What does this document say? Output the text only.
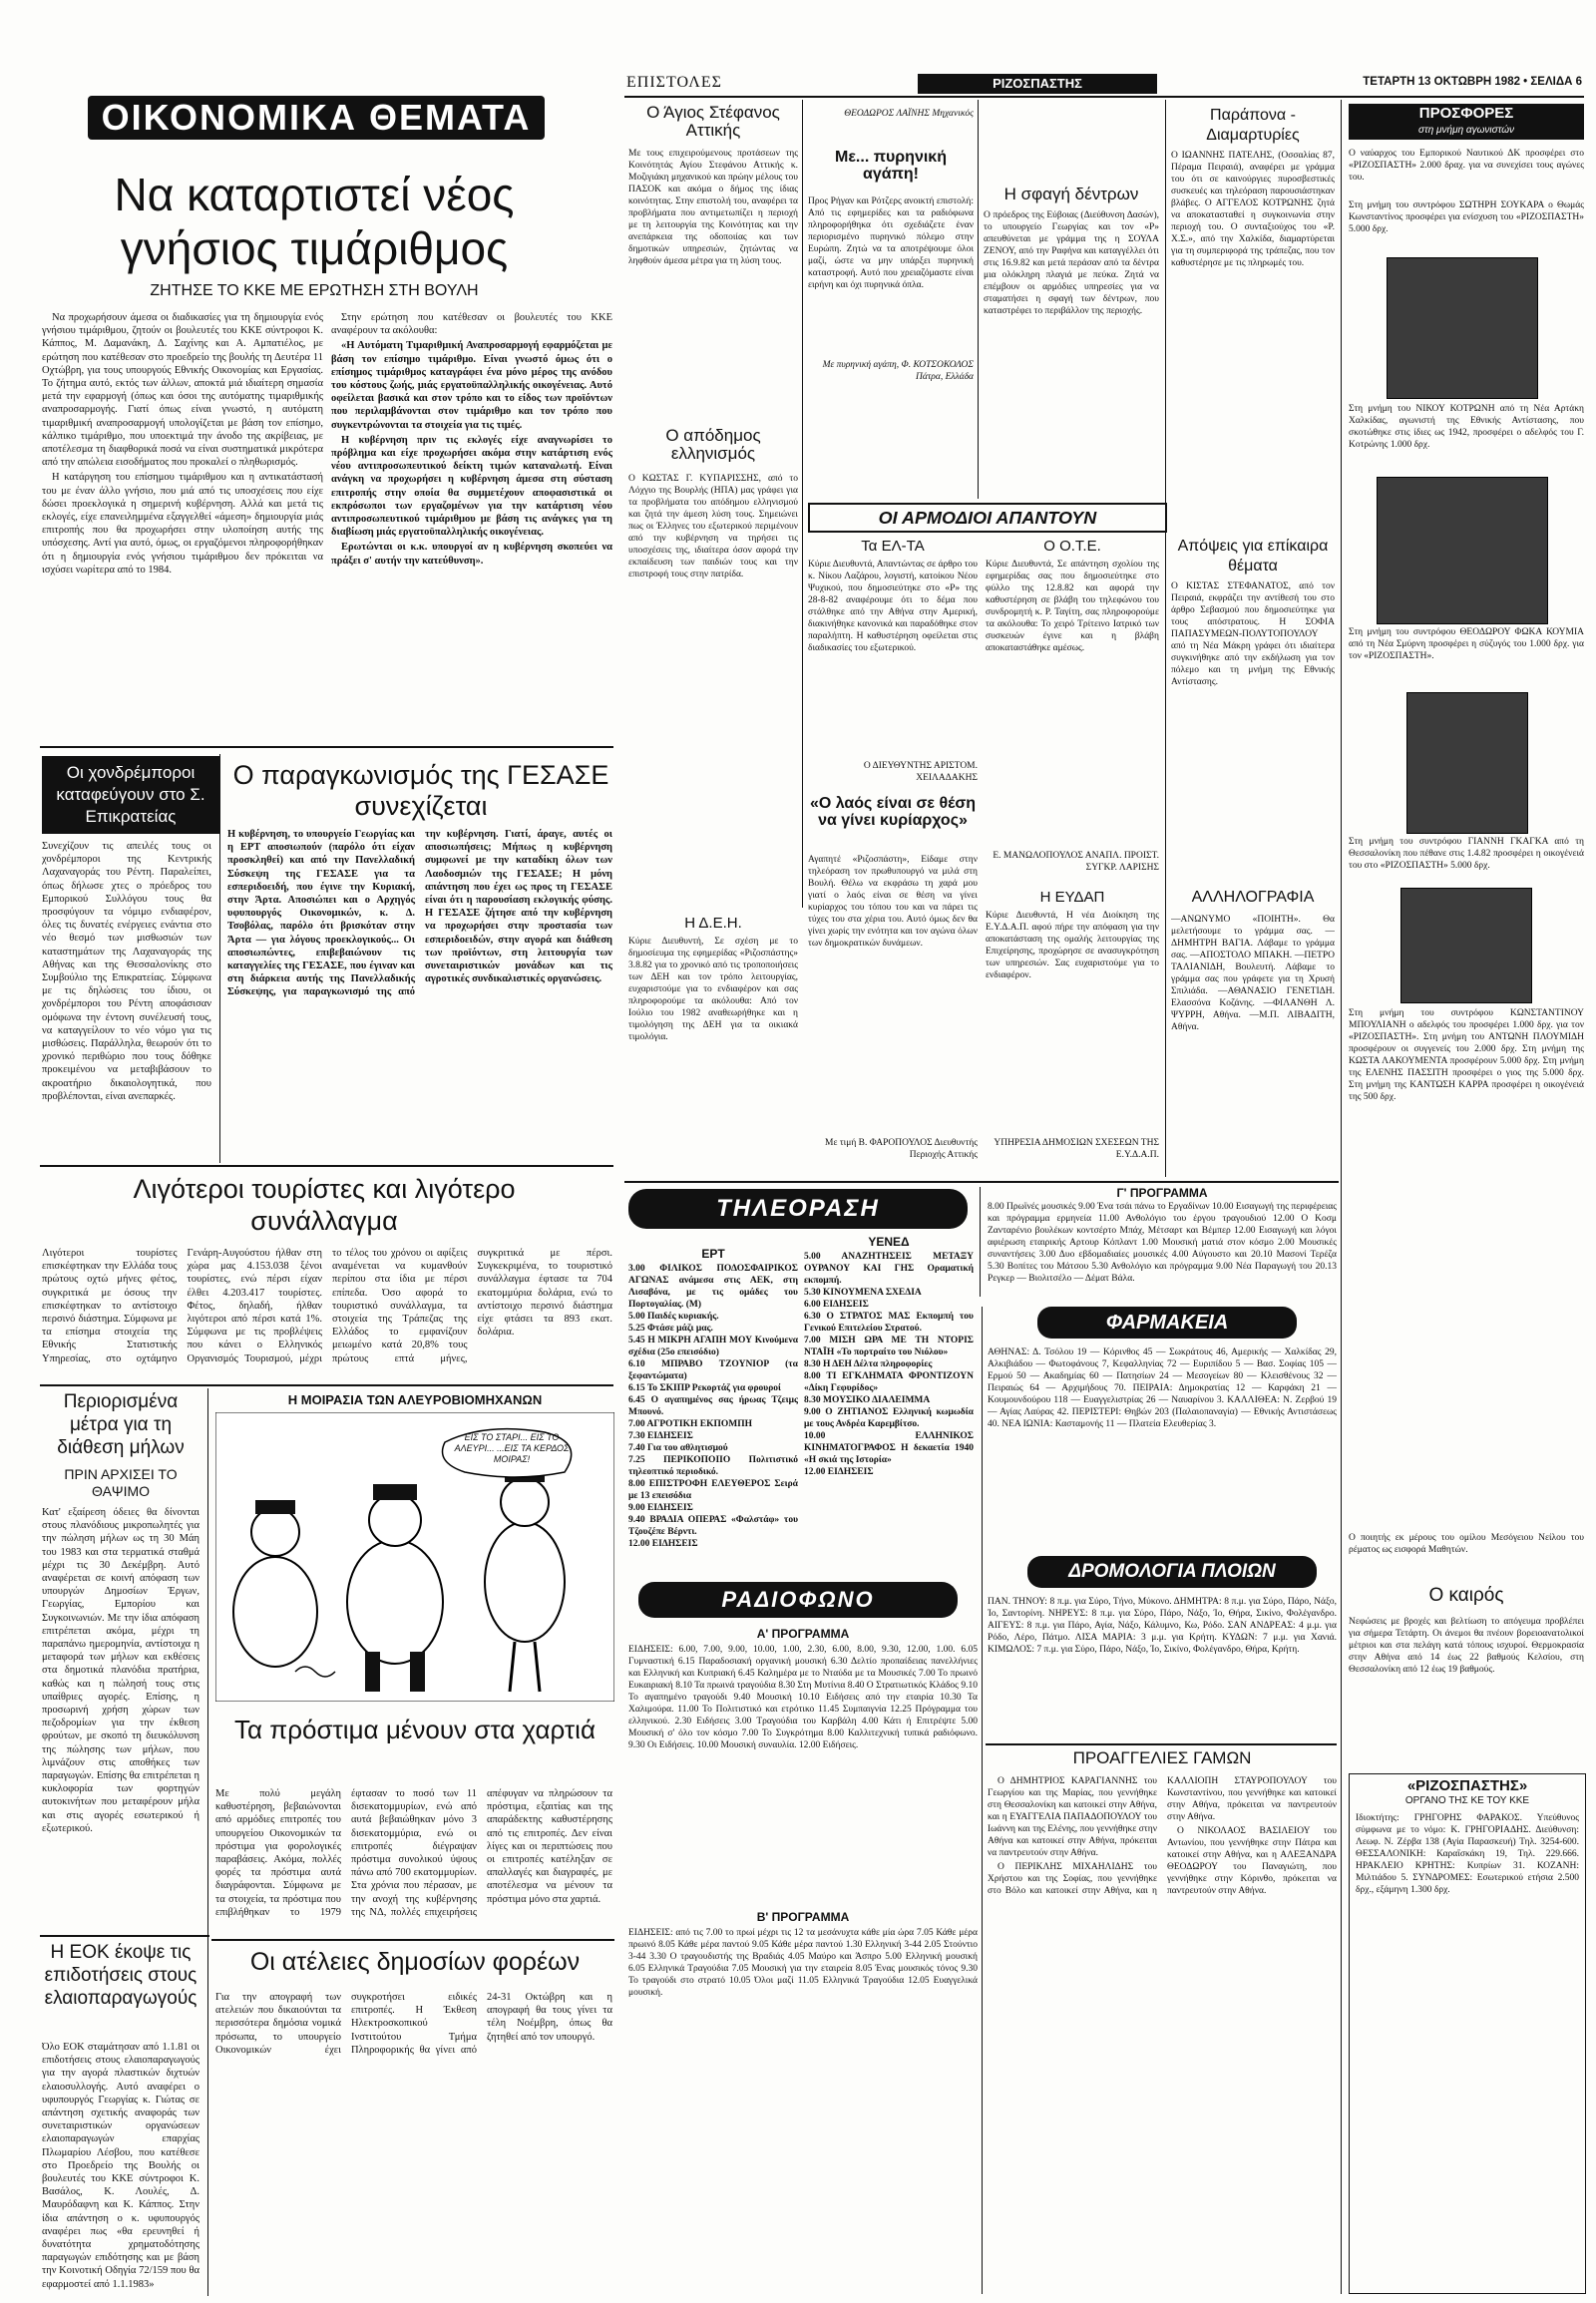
ΟΙΚΟΝΟΜΙΚΑ ΘΕΜΑΤΑ
Να καταρτιστεί νέος γνήσιος τιμάριθμος
ΖΗΤΗΣΕ ΤΟ ΚΚΕ ΜΕ ΕΡΩΤΗΣΗ ΣΤΗ ΒΟΥΛΗ

Να προχωρήσουν άμεσα οι διαδικασίες για τη δημιουργία ενός γνήσιου τιμάριθμου, ζητούν οι βουλευτές του ΚΚΕ σύντροφοι Κ. Κάππος, Μ. Δαμανάκη, Δ. Σαχίνης και Α. Αμπατιέλος, με ερώτηση που κατέθεσαν στο προεδρείο της βουλής τη Δευτέρα 11 Οχτώβρη, για τους υπουργούς Εθνικής Οικονομίας και Εργασίας. Το ζήτημα αυτό, εκτός των άλλων, αποκτά μιά ιδιαίτερη σημασία μετά την εφαρμογή (όπως και όσοι της αυτόματης τιμαριθμικής αναπροσαρμογής. Γιατί όπως είναι γνωστό, η αυτόματη τιμαριθμική αναπροσαρμογή υπολογίζεται με βάση τον επίσημο, κάλπικο τιμάριθμο, που υποεκτιμά την άνοδο της ακρίβειας, με αποτέλεσμα τη διαφθορικά ποσά να είναι συστηματικά μικρότερα από την απώλεια εισοδήματος που προκαλεί ο πληθωρισμός.

Η κατάργηση του επίσημου τιμάριθμου και η αντικατάστασή του με έναν άλλο γνήσιο, που μιά από τις υποσχέσεις που είχε δώσει προεκλογικά η σημερινή κυβέρνηση. Αλλά και μετά τις εκλογές, είχε επανειλημμένα εξαγγελθεί «άμεση» δημιουργία μιάς επιτροπής που θα προχωρήσει στην υλοποίηση αυτής της υπόσχεσης. Αντί για αυτό, όμως, οι εργαζόμενοι πληροφορήθηκαν ότι η δημιουργία ενός γνήσιου τιμάριθμου δεν πρόκειται να ισχύσει νωρίτερα από το 1984.

Στην ερώτηση που κατέθεσαν οι βουλευτές του ΚΚΕ αναφέρουν τα ακόλουθα:

«Η Αυτόματη Τιμαριθμική Αναπροσαρμογή εφαρμόζεται με βάση τον επίσημο τιμάριθμο. Είναι γνωστό όμως ότι ο επίσημος τιμάριθμος καταγράφει ένα μόνο μέρος της ανόδου του κόστους ζωής, μιάς εργατοϋπαλληλικής οικογένειας. Αυτό οφείλεται βασικά και στον τρόπο και το είδος των προϊόντων που περιλαμβάνονται στον τιμάριθμο και τον τρόπο που συγκεντρώνονται τα στοιχεία για τις τιμές.

Η κυβέρνηση πριν τις εκλογές είχε αναγνωρίσει το πρόβλημα και είχε προχωρήσει ακόμα στην κατάρτιση ενός νέου αντιπροσωπευτικού δείκτη τιμών καταναλωτή. Είναι ανάγκη να προχωρήσει η κυβέρνηση άμεσα στη σύσταση επιτροπής στην οποία θα συμμετέχουν αποφασιστικά οι εκπρόσωποι των εργαζομένων για την κατάρτιση νέου αντιπροσωπευτικού τιμάριθμου με βάση τις ανάγκες για τη διαβίωση μιάς εργατοϋπαλληλικής οικογένειας.

Ερωτώνται οι κ.κ. υπουργοί αν η κυβέρνηση σκοπεύει να πράξει σ' αυτήν την κατεύθυνση».

Οι χονδρέμποροι καταφεύγουν στο Σ. Επικρατείας
Συνεχίζουν τις απειλές τους οι χονδρέμποροι της Κεντρικής Λαχαναγοράς του Ρέντη. Παραλείπει, όπως δήλωσε χτες ο πρόεδρος του Εμπορικού Συλλόγου τους θα προσφύγουν τα νόμιμο ενδιαφέρον, όλες τις δυνατές ενέργειες ενάντια στο νέο θεσμό των μισθωσιών των καταστημάτων της Λαχαναγοράς της Αθήνας και της Θεσσαλονίκης στο Συμβούλιο της Επικρατείας. Σύμφωνα με τις δηλώσεις του ίδιου, οι χονδρέμποροι του Ρέντη αποφάσισαν ομόφωνα την έντονη συνέλευσή τους, να καταγγείλουν το νέο νόμο για τις μισθώσεις. Παράλληλα, θεωρούν ότι το χρονικό περιθώριο που τους δόθηκε προκειμένου να μεταβιβάσουν το ακροατήριο δικαιολογητικά, που προβλέπονται, είναι ανεπαρκές.
Ο παραγκωνισμός της ΓΕΣΑΣΕ συνεχίζεται
Η κυβέρνηση, το υπουργείο Γεωργίας και η ΕΡΤ αποσιωπούν (παρόλο ότι είχαν προσκληθεί) και από την Πανελλαδική Σύσκεψη της ΓΕΣΑΣΕ για τα εσπεριδοειδή, που έγινε την Κυριακή, στην Άρτα. Αποσιώπει και ο Αρχηγός υφυπουργός Οικονομικών, κ. Δ. Τσοβόλας, παρόλο ότι βρισκόταν στην Άρτα — για λόγους προεκλογικούς... Οι αποσιωπώντες, επιβεβαιώνουν τις καταγγελίες της ΓΕΣΑΣΕ, που έγιναν και στη διάρκεια αυτής της Πανελλαδικής Σύσκεψης, για παραγκωνισμό της από την κυβέρνηση. Γιατί, άραγε, αυτές οι αποσιωπήσεις; Μήπως η κυβέρνηση συμφωνεί με την καταδίκη όλων των Λαοδοσμιών της ΓΕΣΑΣΕ; Η μόνη απάντηση που έχει ως προς τη ΓΕΣΑΣΕ είναι ότι η παρουσίαση εκλογικής φύσης. Η ΓΕΣΑΣΕ ζήτησε από την κυβέρνηση να προχωρήσει στην προστασία των εσπεριδοειδών, στην αγορά και διάθεση των προϊόντων, στη λειτουργία των συνεταιριστικών μονάδων και τις αγροτικές συνδικαλιστικές οργανώσεις.
Λιγότεροι τουρίστες και λιγότερο συνάλλαγμα
Λιγότεροι τουρίστες επισκέφτηκαν την Ελλάδα τους πρώτους οχτώ μήνες φέτος, συγκριτικά με όσους την επισκέφτηκαν το αντίστοιχο περσινό διάστημα. Σύμφωνα με τα επίσημα στοιχεία της Εθνικής Στατιστικής Υπηρεσίας, στο οχτάμηνο Γενάρη-Αυγούστου ήλθαν στη χώρα μας 4.153.038 ξένοι τουρίστες, ενώ πέρσι είχαν έλθει 4.203.417 τουρίστες. Φέτος, δηλαδή, ήλθαν λιγότεροι από πέρσι κατά 1%. Σύμφωνα με τις προβλέψεις που κάνει ο Ελληνικός Οργανισμός Τουρισμού, μέχρι το τέλος του χρόνου οι αφίξεις αναμένεται να κυμανθούν περίπου στα ίδια με πέρσι επίπεδα. Όσο αφορά το τουριστικό συνάλλαγμα, τα στοιχεία της Τράπεζας της Ελλάδος το εμφανίζουν μειωμένο κατά 20,8% τους πρώτους επτά μήνες, συγκριτικά με πέρσι. Συγκεκριμένα, το τουριστικό συνάλλαγμα έφτασε τα 704 εκατομμύρια δολάρια, ενώ το αντίστοιχο περσινό διάστημα είχε φτάσει τα 893 εκατ. δολάρια.
Περιορισμένα μέτρα για τη διάθεση μήλων
ΠΡΙΝ ΑΡΧΙΣΕΙ ΤΟ ΘΑΨΙΜΟ
Κατ' εξαίρεση όδειες θα δίνονται στους πλανόδιους μικροπωλητές για την πώληση μήλων ως τη 30 Μάη του 1983 και στα τερματικά σταθμά μέχρι τις 30 Δεκέμβρη. Αυτό αναφέρεται σε κοινή απόφαση των υπουργών Δημοσίων Έργων, Γεωργίας, Εμπορίου και Συγκοινωνιών. Με την ίδια απόφαση επιτρέπεται ακόμα, μέχρι τη παραπάνω ημερομηνία, αντίστοιχα η μεταφορά των μήλων και εκθέσεις στα δημοτικά πλανόδια πρατήρια, καθώς και η πώλησή τους στις υπαίθριες αγορές. Επίσης, η προσωρινή χρήση χώρων των πεζοδρομίων για την έκθεση φρούτων, με σκοπό τη διευκόλυνση της πώλησης των μήλων, που λιμνάζουν στις αποθήκες των παραγωγών. Επίσης θα επιτρέπεται η κυκλοφορία των φορτηγών αυτοκινήτων που μεταφέρουν μήλα και στις αγορές εσωτερικού ή εξωτερικού.
Η ΜΟΙΡΑΣΙΑ ΤΩΝ ΑΛΕΥΡΟΒΙΟΜΗΧΑΝΩΝ
ΕΙΣ ΤΟ ΣΤΑΡΙ... ΕΙΣ ΤΟ ΑΛΕΥΡΙ... ...ΕΙΣ ΤΑ ΚΕΡΔΟΣ ΜΟΙΡΑΣ!
Τα πρόστιμα μένουν στα χαρτιά
Με πολύ μεγάλη καθυστέρηση, βεβαιώνονται από αρμόδιες επιτροπές του υπουργείου Οικονομικών τα πρόστιμα για φορολογικές παραβάσεις. Ακόμα, πολλές φορές τα πρόστιμα αυτά διαγράφονται. Σύμφωνα με τα στοιχεία, τα πρόστιμα που επιβλήθηκαν το 1979 έφτασαν το ποσό των 11 δισεκατομμυρίων, ενώ από αυτά βεβαιώθηκαν μόνο 3 δισεκατομμύρια, ενώ οι επιτροπές διέγραψαν πρόστιμα συνολικού ύψους πάνω από 700 εκατομμυρίων. Στα χρόνια που πέρασαν, με την ανοχή της κυβέρνησης της ΝΔ, πολλές επιχειρήσεις απέφυγαν να πληρώσουν τα πρόστιμα, εξαιτίας και της απαράδεκτης καθυστέρησης από τις επιτροπές. Δεν είναι λίγες και οι περιπτώσεις που οι επιτροπές κατέληξαν σε απαλλαγές και διαγραφές, με αποτέλεσμα να μένουν τα πρόστιμα μόνο στα χαρτιά.
Η ΕΟΚ έκοψε τις επιδοτήσεις στους ελαιοπαραγωγούς
Όλο ΕΟΚ σταμάτησαν από 1.1.81 οι επιδοτήσεις στους ελαιοπαραγωγούς για την αγορά πλαστικών διχτυών ελαιοσυλλογής. Αυτό αναφέρει ο υφυπουργός Γεωργίας κ. Γιώτας σε απάντηση σχετικής αναφοράς των συνεταιριστικών οργανώσεων ελαιοπαραγωγών επαρχίας Πλωμαρίου Λέσβου, που κατέθεσε στο Προεδρείο της Βουλής οι βουλευτές του ΚΚΕ σύντροφοι Κ. Βασάλος, Κ. Λουλές, Δ. Μαυρόδαφνη και Κ. Κάππος. Στην ίδια απάντηση ο κ. υφυπουργός αναφέρει πως «θα ερευνηθεί ή δυνατότητα χρηματοδότησης παραγωγών επιδότησης και με βάση την Κοινοτική Οδηγία 72/159 που θα εφαρμοστεί από 1.1.1983»
Οι ατέλειες δημοσίων φορέων
Για την απογραφή των ατελειών που δικαιούνται τα περισσότερα δημόσια νομικά πρόσωπα, το υπουργείο Οικονομικών έχει συγκροτήσει ειδικές επιτροπές. Η Έκθεση Ηλεκτροσκοπικού Ινστιτούτου Τμήμα Πληροφορικής θα γίνει από 24-31 Οκτώβρη και η απογραφή θα τους γίνει τα τέλη Νοέμβρη, όπως θα ζητηθεί από τον υπουργό.
ΕΠΙΣΤΟΛΕΣ	ΡΙΖΟΣΠΑΣΤΗΣ	ΤΕΤΑΡΤΗ 13 ΟΚΤΩΒΡΗ 1982 • ΣΕΛΙΔΑ 6
Ο Άγιος Στέφανος Αττικής
Με τους επιχειρούμενους προτάσεων της Κοινότητάς Αγίου Στεφάνου Αττικής κ. Μοζιγιάκη μηχανικού και πρώην μέλους του ΠΑΣΟΚ και ακόμα ο δήμος της ίδιας κοινότητας. Στην επιστολή του, αναφέρει τα προβλήματα που αντιμετωπίζει η περιοχή με τη λειτουργία της Κοινότητας και την ανεπάρκεια της οδοποιίας και των δημοτικών υπηρεσιών, ζητώντας να ληφθούν άμεσα μέτρα για τη λύση τους.
Ο απόδημος ελληνισμός
Ο ΚΩΣΤΑΣ Γ. ΚΥΠΑΡΙΣΣΗΣ, από το Λόχγιο της Βουρλής (ΗΠΑ) μας γράφει για τα προβλήματα του απόδημου ελληνισμού και ζητά την άμεση λύση τους. Σημειώνει πως οι Έλληνες του εξωτερικού περιμένουν από την κυβέρνηση να τηρήσει τις υποσχέσεις της, ιδιαίτερα όσον αφορά την εκπαίδευση των παιδιών τους και την επιστροφή τους στην πατρίδα.
ΘΕΟΔΩΡΟΣ ΛΑΪΝΗΣ Μηχανικός
Με... πυρηνική αγάπη!
Προς Ρήγαν και Ρότζερς ανοικτή επιστολή: Από τις εφημερίδες και τα ραδιόφωνα πληροφορήθηκα ότι σχεδιάζετε έναν περιορισμένο πυρηνικό πόλεμο στην Ευρώπη. Ζητώ να τα αποτρέψουμε όλοι μαζί, ώστε να μην υπάρξει πυρηνική καταστροφή. Αυτό που χρειαζόμαστε είναι ειρήνη και όχι πυρηνικά όπλα.
Με πυρηνική αγάπη, Φ. ΚΟΤΣΟΚΟΛΟΣ Πάτρα, Ελλάδα
Η σφαγή δέντρων
Ο πρόεδρος της Εύβοιας (Διεύθυνση Δασών), το υπουργείο Γεωργίας και τον «Ρ» απευθύνεται με γράμμα της η ΣΟΥΛΑ ΖΕΝΟΥ, από την Ραφήνα και καταγγέλλει ότι στις 16.9.82 και μετά περάσαν από τα δέντρα μια ολόκληρη πλαγιά με πεύκα. Ζητά να επέμβουν οι αρμόδιες υπηρεσίες για να σταματήσει η σφαγή των δέντρων, που καταστρέφει το περιβάλλον της περιοχής.
ΟΙ ΑΡΜΟΔΙΟΙ ΑΠΑΝΤΟΥΝ
Τα ΕΛ-ΤΑ
Κύριε Διευθυντά, Απαντώντας σε άρθρο του κ. Νίκου Λαζάρου, λογιστή, κατοίκου Νέου Ψυχικού, που δημοσιεύτηκε στο «Ρ» της 28-8-82 αναφέρουμε ότι το δέμα που στάλθηκε από την Αθήνα στην Αμερική, διακινήθηκε κανονικά και παραδόθηκε στον παραλήπτη. Η καθυστέρηση οφείλεται στις διαδικασίες του εξωτερικού.
Ο ΔΙΕΥΘΥΝΤΗΣ ΑΡΙΣΤΟΜ. ΧΕΙΛΑΔΑΚΗΣ
«Ο λαός είναι σε θέση να γίνει κυρίαρχος»
Αγαπητέ «Ριζοσπάστη», Είδαμε στην τηλεόραση τον πρωθυπουργό να μιλά στη Βουλή. Θέλω να εκφράσω τη χαρά μου γιατί ο λαός είναι σε θέση να γίνει κυρίαρχος του τόπου του και να πάρει τις τύχες του στα χέρια του. Αυτό όμως δεν θα γίνει χωρίς την ενότητα και τον αγώνα όλων των δημοκρατικών δυνάμεων.
Ο Ο.Τ.Ε.
Κύριε Διευθυντά, Σε απάντηση σχολίου της εφημερίδας σας που δημοσιεύτηκε στο φύλλο της 12.8.82 και αφορά την καθυστέρηση σε βλάβη του τηλεφώνου του συνδρομητή κ. Ρ. Ταγίτη, σας πληροφορούμε τα ακόλουθα: Το χειρό Τρίτεινο Ιατρικό των συσκευών έγινε και η βλάβη αποκαταστάθηκε αμέσως.
Ε. ΜΑΝΩΛΟΠΟΥΛΟΣ ΑΝΑΠΛ. ΠΡΟΙΣΤ. ΣΥΓΚΡ. ΛΑΡΙΣΗΣ
Η Δ.Ε.Η.
Κύριε Διευθυντή, Σε σχέση με το δημοσίευμα της εφημερίδας «Ριζοσπάστης» 3.8.82 για το χρονικό από τις τροποποιήσεις των ΔΕΗ και τον τρόπο λειτουργίας, ευχαριστούμε για το ενδιαφέρον και σας πληροφορούμε τα ακόλουθα: Από τον Ιούλιο του 1982 αναθεωρήθηκε και η τιμολόγηση της ΔΕΗ για τα οικιακά τιμολόγια.
Η ΕΥΔΑΠ
Κύριε Διευθυντά, Η νέα Διοίκηση της Ε.Υ.Δ.Α.Π. αφού πήρε την απόφαση για την αποκατάσταση της ομαλής λειτουργίας της Επιχείρησης, προχώρησε σε ανασυγκρότηση των υπηρεσιών. Σας ευχαριστούμε για το ενδιαφέρον.
Με τιμή Β. ΦΑΡΟΠΟΥΛΟΣ Διευθυντής Περιοχής Αττικής
ΥΠΗΡΕΣΙΑ ΔΗΜΟΣΙΩΝ ΣΧΕΣΕΩΝ ΤΗΣ Ε.Υ.Δ.Α.Π.
Παράπονα - Διαμαρτυρίες
Ο ΙΩΑΝΝΗΣ ΠΑΤΕΛΗΣ, (Οσσαλίας 87, Πέραμα Πειραιά), αναφέρει με γράμμα του ότι σε καινούργιες πυροσβεστικές συσκευές και τηλεόραση παρουσιάστηκαν βλάβες. Ο ΑΓΓΕΛΟΣ ΚΟΤΡΩΝΗΣ ζητά να αποκατασταθεί η συγκοινωνία στην περιοχή του. Ο συνταξιούχος του «Ρ. Χ.Σ.», από την Χαλκίδα, διαμαρτύρεται για τη συμπεριφορά της τράπεζας, που τον καθυστέρησε με τις πληρωμές του.
Απόψεις για επίκαιρα θέματα
Ο ΚΙΣΤΑΣ ΣΤΕΦΑΝΑΤΟΣ, από τον Πειραιά, εκφράζει την αντίθεσή του στο άρθρο Σεβασμού που δημοσιεύτηκε για τους απόστρατους. Η ΣΟΦΙΑ ΠΑΠΑΣΥΜΕΩΝ-ΠΟΛΥΤΟΠΟΥΛΟΥ από τη Νέα Μάκρη γράφει ότι ιδιαίτερα συγκινήθηκε από την εκδήλωση για τον πόλεμο και τη μνήμη της Εθνικής Αντίστασης.
ΑΛΛΗΛΟΓΡΑΦΙΑ
—ΑΝΩΝΥΜΟ «ΠΟΙΗΤΗ». Θα μελετήσουμε το γράμμα σας. —ΔΗΜΗΤΡΗ ΒΑΓΙΑ. Λάβαμε το γράμμα σας. —ΑΠΟΣΤΟΛΟ ΜΠΑΚΗ. —ΠΕΤΡΟ ΤΑΛΙΑΝΙΔΗ, Βουλευτή. Λάβαμε το γράμμα σας που γράφετε για τη Χρυσή Σπιλιάδα. —ΑΘΑΝΑΣΙΟ ΓΕΝΕΤΙΔΗ. Ελασσόνα Κοζάνης. —ΦΙΛΑΝΘΗ Λ. ΨΥΡΡΗ, Αθήνα. —Μ.Π. ΛΙΒΑΔΙΤΗ, Αθήνα.
ΠΡΟΣΦΟΡΕΣ
στη μνήμη αγωνιστών
Ο ναύαρχος του Εμπορικού Ναυτικού ΔΚ προσφέρει στο «ΡΙΖΟΣΠΑΣΤΗ» 2.000 δραχ. για να συνεχίσει τους αγώνες του.
Στη μνήμη του συντρόφου ΣΩΤΗΡΗ ΣΟΥΚΑΡΑ ο Θωμάς Κωνσταντίνος προσφέρει για ενίσχυση του «ΡΙΖΟΣΠΑΣΤΗ» 5.000 δρχ.
Στη μνήμη του ΝΙΚΟΥ ΚΟΤΡΩΝΗ από τη Νέα Αρτάκη Χαλκίδας, αγωνιστή της Εθνικής Αντίστασης, που σκοτώθηκε στις ίδιες ως 1942, προσφέρει ο αδελφός του Γ. Κοτρώνης 1.000 δρχ.
Στη μνήμη του συντρόφου ΘΕΟΔΩΡΟΥ ΦΩΚΑ ΚΟΥΜΙΑ από τη Νέα Σμύρνη προσφέρει η σύζυγός του 1.000 δρχ. για τον «ΡΙΖΟΣΠΑΣΤΗ».
Στη μνήμη του συντρόφου ΓΙΑΝΝΗ ΓΚΑΓΚΑ από τη Θεσσαλονίκη που πέθανε στις 1.4.82 προσφέρει η οικογένειά του στο «ΡΙΖΟΣΠΑΣΤΗ» 5.000 δρχ.
Στη μνήμη του συντρόφου ΚΩΝΣΤΑΝΤΙΝΟΥ ΜΠΟΥΛΙΑΝΗ ο αδελφός του προσφέρει 1.000 δρχ. για τον «ΡΙΖΟΣΠΑΣΤΗ». Στη μνήμη του ΑΝΤΩΝΗ ΠΛΟΥΜΙΔΗ προσφέρουν οι συγγενείς του 2.000 δρχ. Στη μνήμη της ΚΩΣΤΑ ΛΑΚΟΥΜΕΝΤΑ προσφέρουν 5.000 δρχ. Στη μνήμη της ΕΛΕΝΗΣ ΠΑΣΣΙΤΗ προσφέρει ο γιος της 5.000 δρχ. Στη μνήμη της ΚΑΝΤΩΣΗ ΚΑΡΡΑ προσφέρει η οικογένειά της 500 δρχ.
Ο ποιητής εκ μέρους του ομίλου Μεσόγειου Νείλου του ρέματος ως εισφορά Μαθητών.
Ο καιρός
Νεφώσεις με βροχές και βελτίωση το απόγευμα προβλέπει για σήμερα Τετάρτη. Οι άνεμοι θα πνέουν βορειοανατολικοί μέτριοι και στα πελάγη κατά τόπους ισχυροί. Θερμοκρασία στην Αθήνα από 14 έως 22 βαθμούς Κελσίου, στη Θεσσαλονίκη από 12 έως 19 βαθμούς.
«ΡΙΖΟΣΠΑΣΤΗΣ»
ΟΡΓΑΝΟ ΤΗΣ ΚΕ ΤΟΥ ΚΚΕ
Ιδιοκτήτης: ΓΡΗΓΟΡΗΣ ΦΑΡΑΚΟΣ. Υπεύθυνος σύμφωνα με το νόμο: Κ. ΓΡΗΓΟΡΙΑΔΗΣ. Διεύθυνση: Λεωφ. Ν. Ζέρβα 138 (Αγία Παρασκευή) Τηλ. 3254-600. ΘΕΣΣΑΛΟΝΙΚΗ: Καραΐσκάκη 19, Τηλ. 229.666. ΗΡΑΚΛΕΙΟ ΚΡΗΤΗΣ: Κυπρίων 31. ΚΟΖΑΝΗ: Μιλτιάδου 5. ΣΥΝΔΡΟΜΕΣ: Εσωτερικού ετήσια 2.500 δρχ., εξάμηνη 1.300 δρχ.
ΤΗΛΕΟΡΑΣΗ
ΕΡΤ
ΥΕΝΕΔ
3.00 ΦΙΛΙΚΟΣ ΠΟΔΟΣΦΑΙΡΙΚΟΣ ΑΓΩΝΑΣ ανάμεσα στις ΑΕΚ, στη Λισαβόνα, με τις ομάδες του Πορτογαλίας. (Μ)
5.00 Παιδές κυριακής.
5.25 Φτάσε μάζι μας.
5.45 Η ΜΙΚΡΗ ΑΓΑΠΗ ΜΟΥ Κινούμενα σχέδια (25ο επεισόδιο)
6.10 ΜΠΡΑΒΟ ΤΖΟΥΝΙΟΡ (τα ξεφαντώματα)
6.15 Το ΣΚΙΠΡ Ρεκορτάζ για φρουροί
6.45 Ο αγαπημένος σας ήρωας Τζειμς Μπουνό.
7.00 ΑΓΡΟΤΙΚΗ ΕΚΠΟΜΠΗ
7.30 ΕΙΔΗΣΕΙΣ
7.40 Για του αθλητισμού
7.25 ΠΕΡΙΚΟΠΟΙΙΟ Πολιτιστικό τηλεοπτικό περιοδικό.
8.00 ΕΠΙΣΤΡΟΦΗ ΕΛΕΥΘΕΡΟΣ Σειρά με 13 επεισόδια
9.00 ΕΙΔΗΣΕΙΣ
9.40 ΒΡΑΔΙΑ ΟΠΕΡΑΣ «Φαλστάφ» του Τζουζέπε Βέρντι.
12.00 ΕΙΔΗΣΕΙΣ
5.00 ΑΝΑΖΗΤΗΣΕΙΣ ΜΕΤΑΞΥ ΟΥΡΑΝΟΥ ΚΑΙ ΓΗΣ Οραματική εκπομπή.
5.30 ΚΙΝΟΥΜΕΝΑ ΣΧΕΔΙΑ
6.00 ΕΙΔΗΣΕΙΣ
6.30 Ο ΣΤΡΑΤΟΣ ΜΑΣ Εκπομπή του Γενικού Επιτελείου Στρατού.
7.00 ΜΙΣΗ ΩΡΑ ΜΕ ΤΗ ΝΤΟΡΙΣ ΝΤΑΪΗ «Το πορτραίτο του Νιόλου»
8.30 Η ΔΕΗ Δέλτα πληροφορίες
8.00 ΤΙ ΕΓΚΛΗΜΑΤΑ ΦΡΟΝΤΙΖΟΥΝ «Δίκη Γεφυρίδος»
8.30 ΜΟΥΣΙΚΟ ΔΙΑΛΕΙΜΜΑ
9.00 Ο ΖΗΤΙΑΝΟΣ Ελληνική κωμωδία με τους Ανδρέα Καρεμβίτσο.
10.00 ΕΛΛΗΝΙΚΟΣ ΚΙΝΗΜΑΤΟΓΡΑΦΟΣ Η δεκαετία 1940 «Η σκιά της Ιστορία»
12.00 ΕΙΔΗΣΕΙΣ
Γ' ΠΡΟΓΡΑΜΜΑ
8.00 Πρωϊνές μουσικές 9.00 Ένα τσάι πάνω το Εργαδίνων 10.00 Εισαγωγή της περιφέρειας και πρόγραμμα ερμηνεία 11.00 Ανθολόγιο του έργου τραγουδιού 12.00 Ο Κοσμ Ζανταρένιο βουλέκων κοντσέρτο Μπάχ, Μέτσαρτ και Βέμπερ 12.00 Εισαγωγή και λόγοι αφιέρωση εταιρικής Αρτουρ Κόπλαντ 1.00 Μουσική ματιά στον κόσμο 2.00 Μουσικές συναντήσεις 3.00 Δυο εβδομαδιαίες μουσικές 4.00 Αύγουστο και 20.10 Μασονί Τερέζα 5.30 Βοπίτες του Μάτσου 5.30 Ανθολόγιο και πρόγραμμα 9.00 Νέα Παραγωγή του 20.13 Ρεγκερ — Βιολιτσέλο — Δέματ Βάλα.
ΦΑΡΜΑΚΕΙΑ
ΑΘΗΝΑΣ: Δ. Τσόλου 19 — Κόρινθος 45 — Σωκράτους 46, Αμερικής — Χαλκίδας 29, Αλκιβιάδου — Φωτοφάνους 7, Κεφαλληνίας 72 — Ευριπίδου 5 — Βασ. Σοφίας 105 — Ερμού 50 — Ακαδημίας 60 — Πατησίων 24 — Μεσογείων 80 — Κλεισθένους 32 — Πειραιώς 64 — Αρχιμήδους 70. ΠΕΙΡΑΙΑ: Δημοκρατίας 12 — Καρφάκη 21 — Κουμουνδούρου 118 — Ευαγγελιστρίας 26 — Ναυαρίνου 3. ΚΑΛΛΙΘΕΑ: Ν. Ζερβού 19 — Αγίας Λαύρας 42. ΠΕΡΙΣΤΕΡΙ: Θηβών 203 (Παλαιοπαναγία) — Εθνικής Αντιστάσεως 40. ΝΕΑ ΙΩΝΙΑ: Κασταμονής 11 — Πλατεία Ελευθερίας 3.
ΔΡΟΜΟΛΟΓΙΑ ΠΛΟΙΩΝ
ΠΑΝ. ΤΗΝΟΥ: 8 π.μ. για Σύρο, Τήνο, Μύκονο. ΔΗΜΗΤΡΑ: 8 π.μ. για Σύρο, Πάρο, Νάξο, Ίο, Σαντορίνη. ΝΗΡΕΥΣ: 8 π.μ. για Σύρο, Πάρο, Νάξο, Ίο, Θήρα, Σικίνο, Φολέγανδρο. ΑΙΓΕΥΣ: 8 π.μ. για Πάρο, Αγία, Νάξο, Κάλυμνο, Κω, Ρόδο. ΣΑΝ ΑΝΔΡΕΑΣ: 4 μ.μ. για Ρόδο, Λέρο, Πάτμο. ΛΙΣΑ ΜΑΡΙΑ: 3 μ.μ. για Κρήτη. ΚΥΔΩΝ: 7 μ.μ. για Χανιά. ΚΙΜΩΛΟΣ: 7 π.μ. για Σύρο, Πάρο, Νάξο, Ίο, Σικίνο, Φολέγανδρο, Θήρα, Κρήτη.
ΡΑΔΙΟΦΩΝΟ
Α' ΠΡΟΓΡΑΜΜΑ
ΕΙΔΗΣΕΙΣ: 6.00, 7.00, 9.00, 10.00, 1.00, 2.30, 6.00, 8.00, 9.30, 12.00, 1.00. 6.05 Γυμναστική 6.15 Παραδοσιακή οργανική μουσική 6.30 Δελτίο προπαίδειας πανελλήνιες και Ελληνική και Κυπριακή 6.45 Καλημέρα με το Νταύδα με τα Μουσικές 7.00 Το πρωινό Ευκαιριακή 8.10 Τα πρωινά τραγούδια 8.30 Στη Μυτίνια 8.40 Ο Στρατιωτικός Κλάδος 9.10 Το αγαπημένο τραγούδι 9.40 Μουσική 10.10 Ειδήσεις από την εταιρία 10.30 Τα Χαλιμούρα. 11.00 Το Πολιτιστικό και ετρότικο 11.45 Συμπαιγνία 12.25 Πρόγραμμα του ελληνικού. 2.30 Ειδήσεις 3.00 Τραγούδια του Καρβάλη 4.00 Κάτι ή Επιτρέψτε 5.00 Μουσική σ' όλο τον κόσμο 7.00 Το Συγκρότημα 8.00 Καλλιτεχνική τυπικά ραδιόφωνο. 9.30 Οι Ειδήσεις. 10.00 Μουσική συναυλία. 12.00 Ειδήσεις.
Β' ΠΡΟΓΡΑΜΜΑ
ΕΙΔΗΣΕΙΣ: από τις 7.00 το πρωί μέχρι τις 12 τα μεσάνυχτα κάθε μία ώρα 7.05 Κάθε μέρα πρωινό 8.05 Κάθε μέρα παντού 9.05 Κάθε μέρα παντού 1.30 Ελληνική 3-44 2.05 Στούντιο 3-44 3.30 Ο τραγουδιστής της Βραδιάς 4.05 Μαύρο και Άσπρο 5.00 Ελληνική μουσική 6.05 Ελληνικά Τραγούδια 7.05 Μουσική για την εταιρεία 8.05 Ένας μουσικός τόνος 9.30 Το τραγούδι στο στρατό 10.05 Όλοι μαζί 11.05 Ελληνικά Τραγούδια 12.05 Ευαγγελικά μουσική.
ΠΡΟΑΓΓΕΛΙΕΣ ΓΑΜΩΝ

Ο ΔΗΜΗΤΡΙΟΣ ΚΑΡΑΓΙΑΝΝΗΣ του Γεωργίου και της Μαρίας, που γεννήθηκε στη Θεσσαλονίκη και κατοικεί στην Αθήνα, και η ΕΥΑΓΓΕΛΙΑ ΠΑΠΑΔΟΠΟΥΛΟΥ του Ιωάννη και της Ελένης, που γεννήθηκε στην Αθήνα και κατοικεί στην Αθήνα, πρόκειται να παντρευτούν στην Αθήνα.

Ο ΠΕΡΙΚΛΗΣ ΜΙΧΑΗΛΙΔΗΣ του Χρήστου και της Σοφίας, που γεννήθηκε στο Βόλο και κατοικεί στην Αθήνα, και η ΚΑΛΛΙΟΠΗ ΣΤΑΥΡΟΠΟΥΛΟΥ του Κωνσταντίνου, που γεννήθηκε και κατοικεί στην Αθήνα, πρόκειται να παντρευτούν στην Αθήνα.

Ο ΝΙΚΟΛΑΟΣ ΒΑΣΙΛΕΙΟΥ του Αντωνίου, που γεννήθηκε στην Πάτρα και κατοικεί στην Αθήνα, και η ΑΛΕΞΑΝΔΡΑ ΘΕΟΔΩΡΟΥ του Παναγιώτη, που γεννήθηκε στην Κόρινθο, πρόκειται να παντρευτούν στην Αθήνα.
